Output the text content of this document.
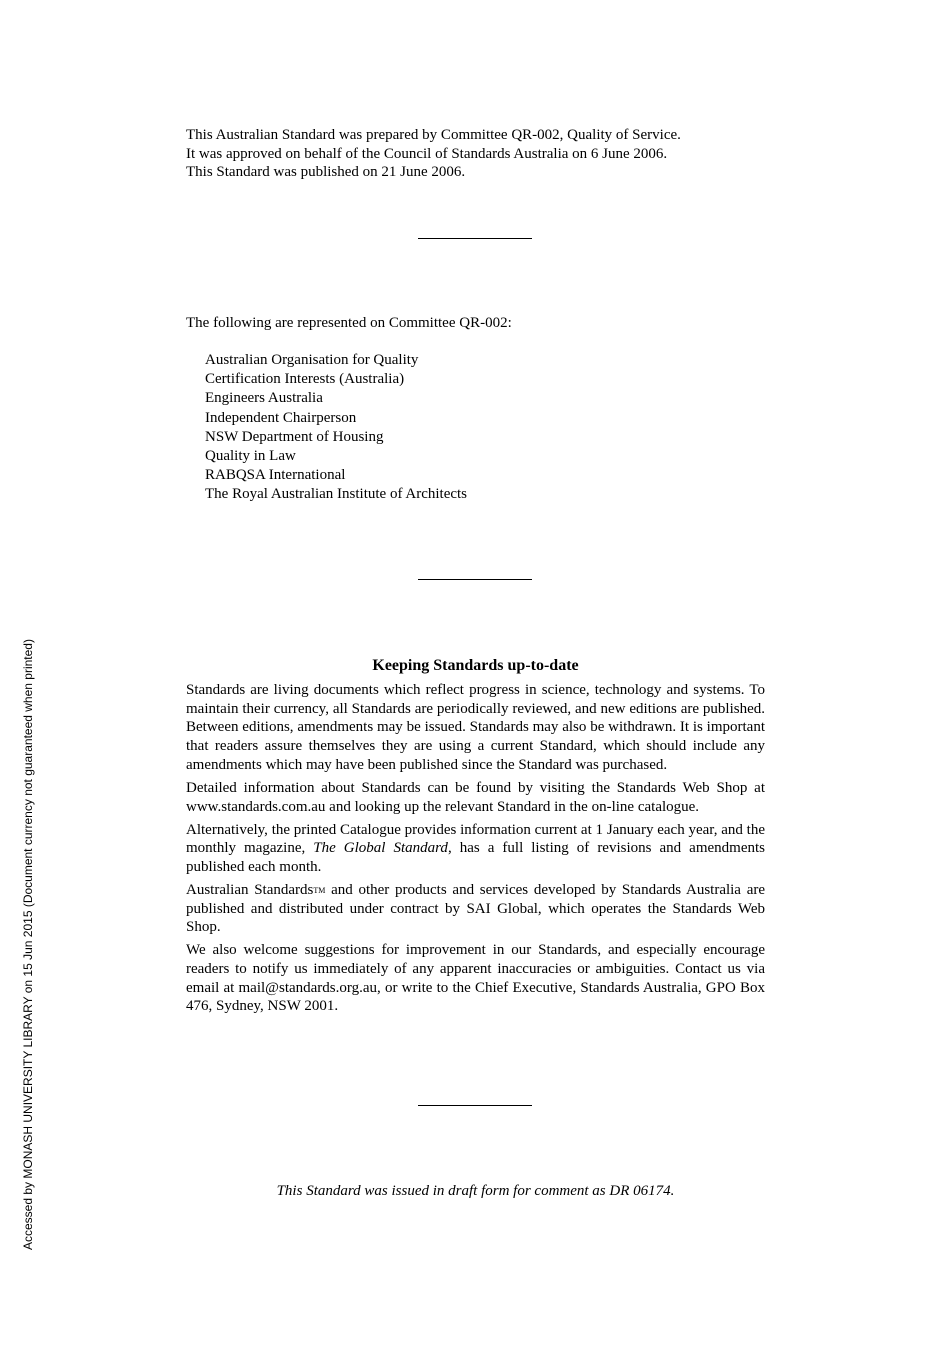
This Australian Standard was prepared by Committee QR-002, Quality of Service.
It was approved on behalf of the Council of Standards Australia on 6 June 2006.
This Standard was published on 21 June 2006.
The following are represented on Committee QR-002:
Australian Organisation for Quality
Certification Interests (Australia)
Engineers Australia
Independent Chairperson
NSW Department of Housing
Quality in Law
RABQSA International
The Royal Australian Institute of Architects
Keeping Standards up-to-date

Standards are living documents which reflect progress in science, technology and systems. To maintain their currency, all Standards are periodically reviewed, and new editions are published. Between editions, amendments may be issued. Standards may also be withdrawn. It is important that readers assure themselves they are using a current Standard, which should include any amendments which may have been published since the Standard was purchased.

Detailed information about Standards can be found by visiting the Standards Web Shop at www.standards.com.au and looking up the relevant Standard in the on-line catalogue.

Alternatively, the printed Catalogue provides information current at 1 January each year, and the monthly magazine, The Global Standard, has a full listing of revisions and amendments published each month.

Australian Standards™ and other products and services developed by Standards Australia are published and distributed under contract by SAI Global, which operates the Standards Web Shop.

We also welcome suggestions for improvement in our Standards, and especially encourage readers to notify us immediately of any apparent inaccuracies or ambiguities. Contact us via email at mail@standards.org.au, or write to the Chief Executive, Standards Australia, GPO Box 476, Sydney, NSW 2001.

This Standard was issued in draft form for comment as DR 06174.
Accessed by MONASH UNIVERSITY LIBRARY on 15 Jun 2015 (Document currency not guaranteed when printed)
